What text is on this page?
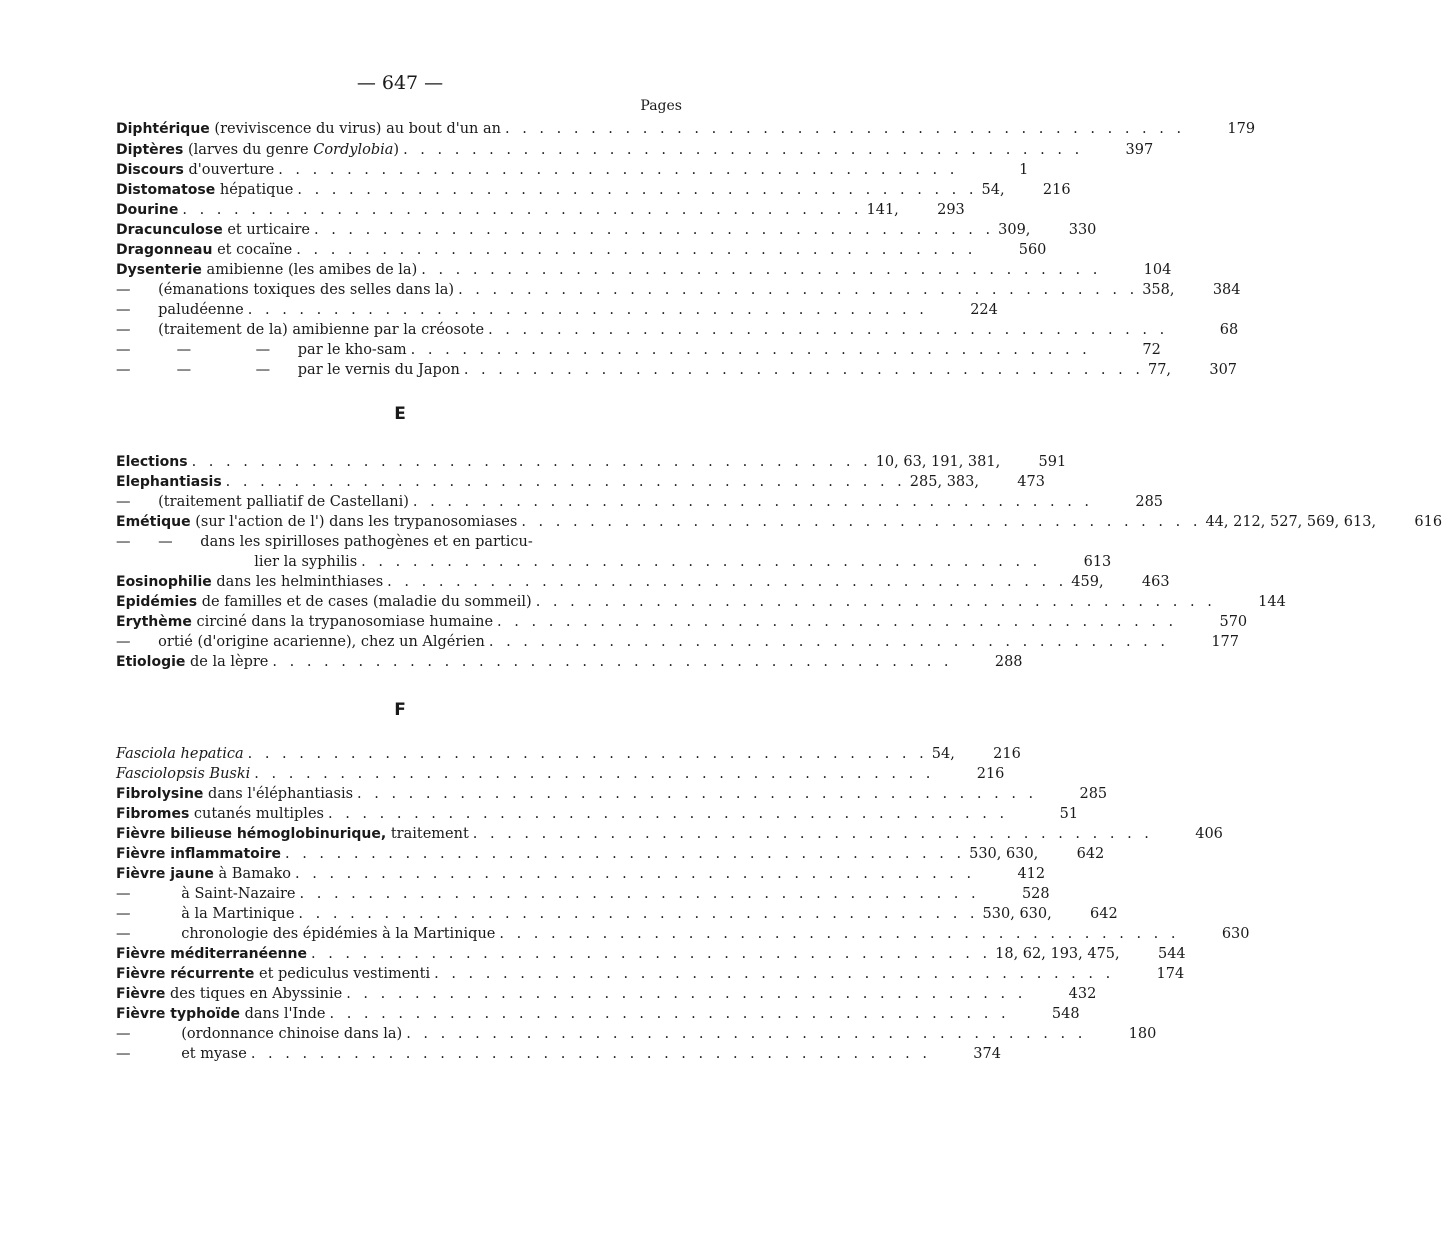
— 647 —
Pages
E
F
Diphtérique (reviviscence du virus) au bout d'un an . . . . . . . . . . . . . . . . . . . . . . . . . . . . . . . . . . . . . . . .	179
Diptères (larves du genre Cordylobia) . . . . . . . . . . . . . . . . . . . . . . . . . . . . . . . . . . . . . . . .	397
Discours d'ouverture . . . . . . . . . . . . . . . . . . . . . . . . . . . . . . . . . . . . . . . .	1
Distomatose hépatique . . . . . . . . . . . . . . . . . . . . . . . . . . . . . . . . . . . . . . . . 54,	216
Dourine . . . . . . . . . . . . . . . . . . . . . . . . . . . . . . . . . . . . . . . . 141,	293
Dracunculose et urticaire . . . . . . . . . . . . . . . . . . . . . . . . . . . . . . . . . . . . . . . . 309,	330
Dragonneau et cocaïne . . . . . . . . . . . . . . . . . . . . . . . . . . . . . . . . . . . . . . . .	560
Dysenterie amibienne (les amibes de la) . . . . . . . . . . . . . . . . . . . . . . . . . . . . . . . . . . . . . . . .	104
—      (émanations toxiques des selles dans la) . . . . . . . . . . . . . . . . . . . . . . . . . . . . . . . . . . . . . . . . 358,	384
—      paludéenne . . . . . . . . . . . . . . . . . . . . . . . . . . . . . . . . . . . . . . . .	224
—      (traitement de la) amibienne par la créosote . . . . . . . . . . . . . . . . . . . . . . . . . . . . . . . . . . . . . . . .	68
—          —              —      par le kho-sam . . . . . . . . . . . . . . . . . . . . . . . . . . . . . . . . . . . . . . . .	72
—          —              —      par le vernis du Japon . . . . . . . . . . . . . . . . . . . . . . . . . . . . . . . . . . . . . . . . 77,	307
Elections . . . . . . . . . . . . . . . . . . . . . . . . . . . . . . . . . . . . . . . . 10, 63, 191, 381,	591
Elephantiasis . . . . . . . . . . . . . . . . . . . . . . . . . . . . . . . . . . . . . . . . 285, 383,	473
—      (traitement palliatif de Castellani) . . . . . . . . . . . . . . . . . . . . . . . . . . . . . . . . . . . . . . . .	285
Emétique (sur l'action de l') dans les trypanosomiases . . . . . . . . . . . . . . . . . . . . . . . . . . . . . . . . . . . . . . . . 44, 212, 527, 569, 613,	616
—      —      dans les spirilloses pathogènes et en particu-
lier la syphilis . . . . . . . . . . . . . . . . . . . . . . . . . . . . . . . . . . . . . . . .	613
Eosinophilie dans les helminthiases . . . . . . . . . . . . . . . . . . . . . . . . . . . . . . . . . . . . . . . . 459,	463
Epidémies de familles et de cases (maladie du sommeil) . . . . . . . . . . . . . . . . . . . . . . . . . . . . . . . . . . . . . . . .	144
Erythème circiné dans la trypanosomiase humaine . . . . . . . . . . . . . . . . . . . . . . . . . . . . . . . . . . . . . . . .	570
—      ortié (d'origine acarienne), chez un Algérien . . . . . . . . . . . . . . . . . . . . . . . . . . . . . . . . . . . . . . . .	177
Etiologie de la lèpre . . . . . . . . . . . . . . . . . . . . . . . . . . . . . . . . . . . . . . . .	288
Fasciola hepatica . . . . . . . . . . . . . . . . . . . . . . . . . . . . . . . . . . . . . . . . 54,	216
Fasciolopsis Buski . . . . . . . . . . . . . . . . . . . . . . . . . . . . . . . . . . . . . . . .	216
Fibrolysine dans l'éléphantiasis . . . . . . . . . . . . . . . . . . . . . . . . . . . . . . . . . . . . . . . .	285
Fibromes cutanés multiples . . . . . . . . . . . . . . . . . . . . . . . . . . . . . . . . . . . . . . . .	51
Fièvre bilieuse hémoglobinurique, traitement . . . . . . . . . . . . . . . . . . . . . . . . . . . . . . . . . . . . . . . .	406
Fièvre inflammatoire . . . . . . . . . . . . . . . . . . . . . . . . . . . . . . . . . . . . . . . . 530, 630,	642
Fièvre jaune à Bamako . . . . . . . . . . . . . . . . . . . . . . . . . . . . . . . . . . . . . . . .	412
—           à Saint-Nazaire . . . . . . . . . . . . . . . . . . . . . . . . . . . . . . . . . . . . . . . .	528
—           à la Martinique . . . . . . . . . . . . . . . . . . . . . . . . . . . . . . . . . . . . . . . . 530, 630,	642
—           chronologie des épidémies à la Martinique . . . . . . . . . . . . . . . . . . . . . . . . . . . . . . . . . . . . . . . .	630
Fièvre méditerranéenne . . . . . . . . . . . . . . . . . . . . . . . . . . . . . . . . . . . . . . . . 18, 62, 193, 475,	544
Fièvre récurrente et pediculus vestimenti . . . . . . . . . . . . . . . . . . . . . . . . . . . . . . . . . . . . . . . .	174
Fièvre des tiques en Abyssinie . . . . . . . . . . . . . . . . . . . . . . . . . . . . . . . . . . . . . . . .	432
Fièvre typhoïde dans l'Inde . . . . . . . . . . . . . . . . . . . . . . . . . . . . . . . . . . . . . . . .	548
—           (ordonnance chinoise dans la) . . . . . . . . . . . . . . . . . . . . . . . . . . . . . . . . . . . . . . . .	180
—           et myase . . . . . . . . . . . . . . . . . . . . . . . . . . . . . . . . . . . . . . . .	374
